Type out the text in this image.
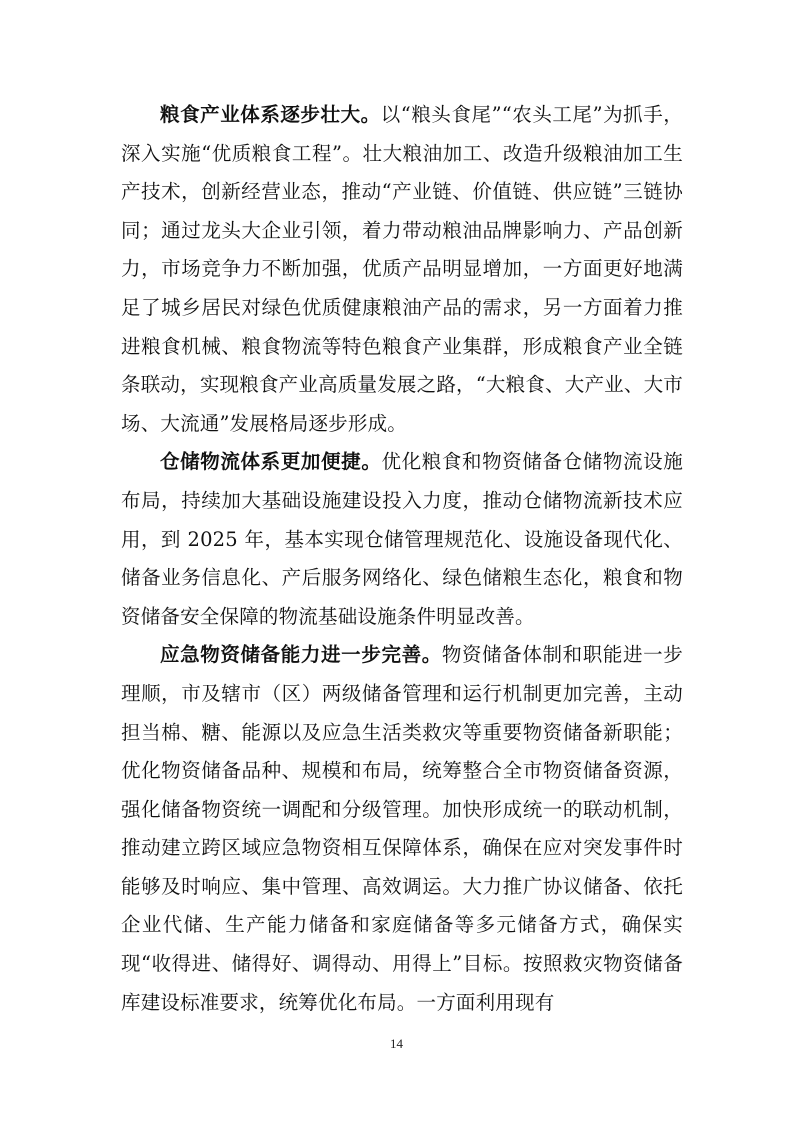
粮食产业体系逐步壮大。以“粮头食尾”“农头工尾”为抓手，深入实施“优质粮食工程”。壮大粮油加工、改造升级粮油加工生产技术，创新经营业态，推动“产业链、价值链、供应链”三链协同；通过龙头大企业引领，着力带动粮油品牌影响力、产品创新力，市场竞争力不断加强，优质产品明显增加，一方面更好地满足了城乡居民对绿色优质健康粮油产品的需求，另一方面着力推进粮食机械、粮食物流等特色粮食产业集群，形成粮食产业全链条联动，实现粮食产业高质量发展之路，“大粮食、大产业、大市场、大流通”发展格局逐步形成。

仓储物流体系更加便捷。优化粮食和物资储备仓储物流设施布局，持续加大基础设施建设投入力度，推动仓储物流新技术应用，到 2025 年，基本实现仓储管理规范化、设施设备现代化、储备业务信息化、产后服务网络化、绿色储粮生态化，粮食和物资储备安全保障的物流基础设施条件明显改善。

应急物资储备能力进一步完善。物资储备体制和职能进一步理顺，市及辖市（区）两级储备管理和运行机制更加完善，主动担当棉、糖、能源以及应急生活类救灾等重要物资储备新职能；优化物资储备品种、规模和布局，统筹整合全市物资储备资源，强化储备物资统一调配和分级管理。加快形成统一的联动机制，推动建立跨区域应急物资相互保障体系，确保在应对突发事件时能够及时响应、集中管理、高效调运。大力推广协议储备、依托企业代储、生产能力储备和家庭储备等多元储备方式，确保实现“收得进、储得好、调得动、用得上”目标。按照救灾物资储备库建设标准要求，统筹优化布局。一方面利用现有

14
